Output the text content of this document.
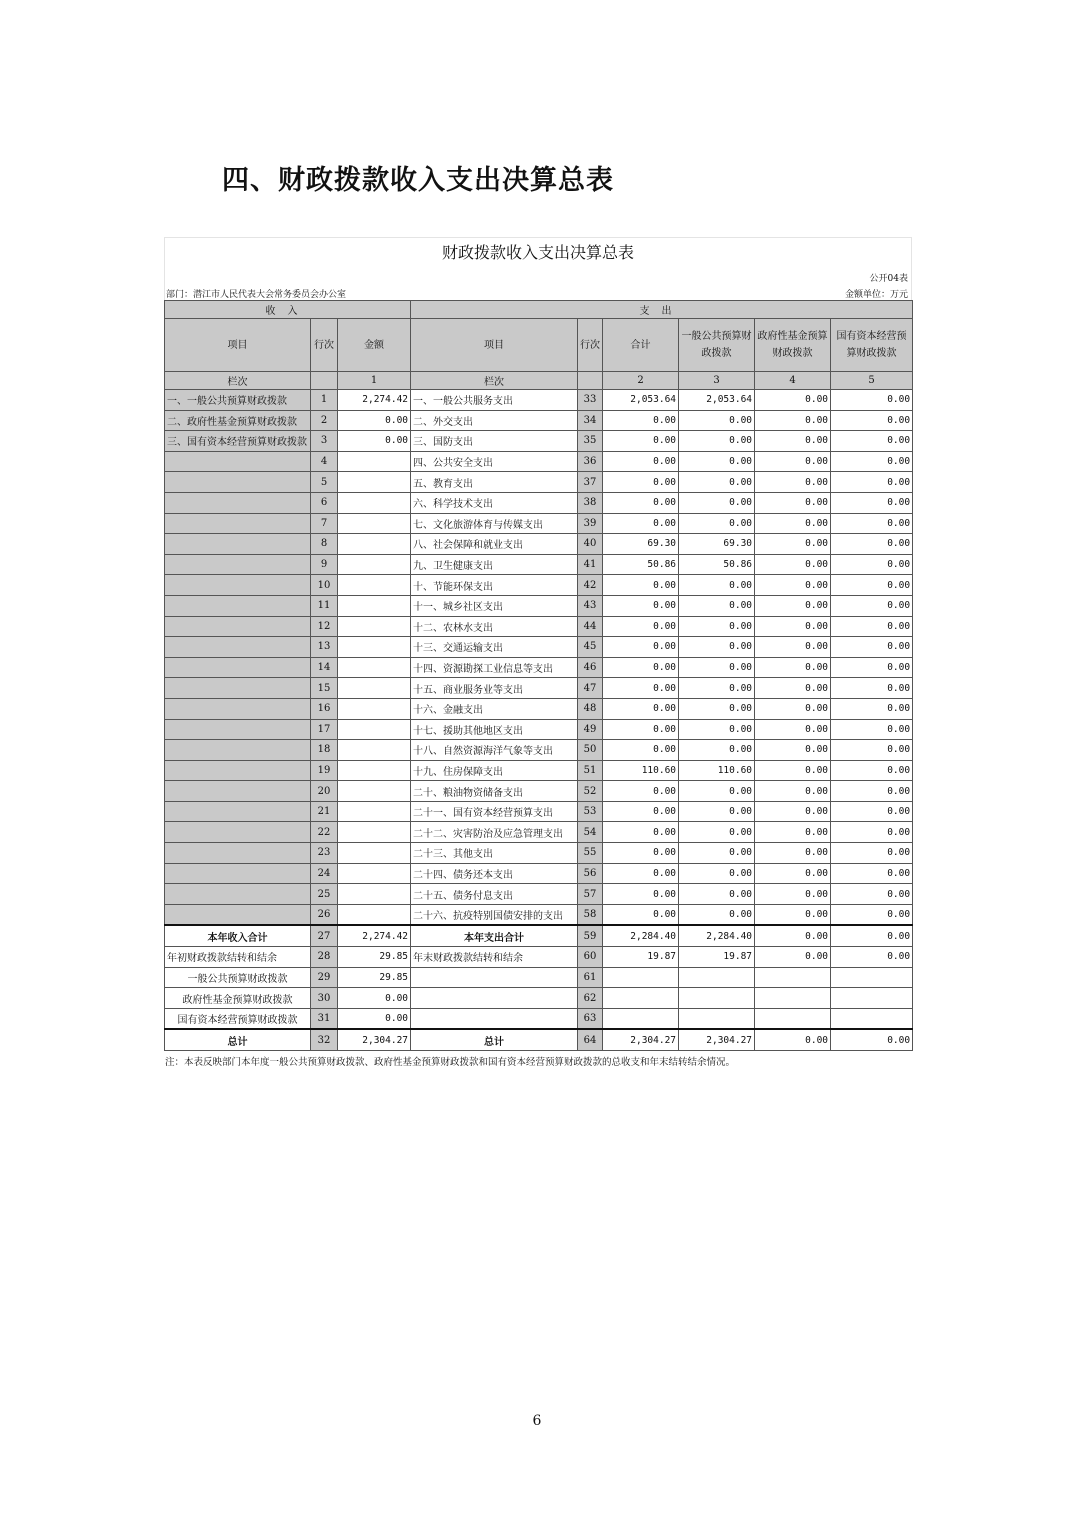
四、财政拨款收入支出决算总表
财政拨款收入支出决算总表
公开04表
部门：潜江市人民代表大会常务委员会办公室	金额单位：万元
收入			支出					
项目	行次	金额	项目	行次	合计	一般公共预算财政拨款	政府性基金预算财政拨款	国有资本经营预算财政拨款
栏次		1	栏次		2	3	4	5
一、一般公共预算财政拨款	1	2,274.42	一、一般公共服务支出	33	2,053.64	2,053.64	0.00	0.00
二、政府性基金预算财政拨款	2	0.00	二、外交支出	34	0.00	0.00	0.00	0.00
三、国有资本经营预算财政拨款	3	0.00	三、国防支出	35	0.00	0.00	0.00	0.00
	4		四、公共安全支出	36	0.00	0.00	0.00	0.00
	5		五、教育支出	37	0.00	0.00	0.00	0.00
	6		六、科学技术支出	38	0.00	0.00	0.00	0.00
	7		七、文化旅游体育与传媒支出	39	0.00	0.00	0.00	0.00
	8		八、社会保障和就业支出	40	69.30	69.30	0.00	0.00
	9		九、卫生健康支出	41	50.86	50.86	0.00	0.00
	10		十、节能环保支出	42	0.00	0.00	0.00	0.00
	11		十一、城乡社区支出	43	0.00	0.00	0.00	0.00
	12		十二、农林水支出	44	0.00	0.00	0.00	0.00
	13		十三、交通运输支出	45	0.00	0.00	0.00	0.00
	14		十四、资源勘探工业信息等支出	46	0.00	0.00	0.00	0.00
	15		十五、商业服务业等支出	47	0.00	0.00	0.00	0.00
	16		十六、金融支出	48	0.00	0.00	0.00	0.00
	17		十七、援助其他地区支出	49	0.00	0.00	0.00	0.00
	18		十八、自然资源海洋气象等支出	50	0.00	0.00	0.00	0.00
	19		十九、住房保障支出	51	110.60	110.60	0.00	0.00
	20		二十、粮油物资储备支出	52	0.00	0.00	0.00	0.00
	21		二十一、国有资本经营预算支出	53	0.00	0.00	0.00	0.00
	22		二十二、灾害防治及应急管理支出	54	0.00	0.00	0.00	0.00
	23		二十三、其他支出	55	0.00	0.00	0.00	0.00
	24		二十四、债务还本支出	56	0.00	0.00	0.00	0.00
	25		二十五、债务付息支出	57	0.00	0.00	0.00	0.00
	26		二十六、抗疫特别国债安排的支出	58	0.00	0.00	0.00	0.00
本年收入合计	27	2,274.42	本年支出合计	59	2,284.40	2,284.40	0.00	0.00
年初财政拨款结转和结余	28	29.85	年末财政拨款结转和结余	60	19.87	19.87	0.00	0.00
一般公共预算财政拨款	29	29.85		61				
政府性基金预算财政拨款	30	0.00		62				
国有资本经营预算财政拨款	31	0.00		63				
总计	32	2,304.27	总计	64	2,304.27	2,304.27	0.00	0.00
注：本表反映部门本年度一般公共预算财政拨款、政府性基金预算财政拨款和国有资本经营预算财政拨款的总收支和年末结转结余情况。
6
